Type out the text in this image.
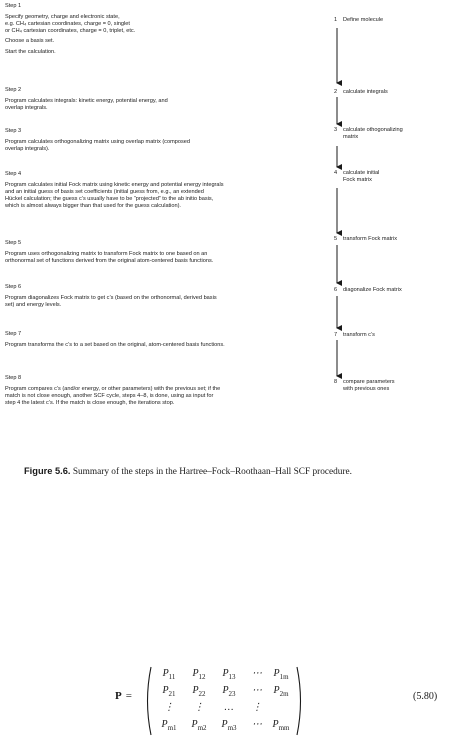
Step 1
Specify geometry, charge and electronic state,
e.g. CH₄ cartesian coordinates, charge = 0, singlet
or CH₄ cartesian coordinates, charge = 0, triplet, etc.
Choose a basis set.
Start the calculation.
Step 2
Program calculates integrals: kinetic energy, potential energy, and
overlap integrals.
Step 3
Program calculates orthogonalizing matrix using overlap matrix (composed
overlap integrals).
Step 4
Program calculates initial Fock matrix using kinetic energy and potential energy integrals
and an initial guess of basis set coefficients (initial guess from, e.g., an extended
Hückel calculation; the guess c’s usually have to be “projected” to the ab initio basis,
which is almost always bigger than that used for the guess calculation).
Step 5
Program uses orthogonalizing matrix to transform Fock matrix to one based on an
orthonormal set of functions derived from the original atom-centered basis functions.
Step 6
Program diagonalizes Fock matrix to get c’s (based on the orthonormal, derived basis
set) and energy levels.
Step 7
Program transforms the c’s to a set based on the original, atom-centered basis functions.
Step 8
Program compares c’s (and/or energy, or other parameters) with the previous set; if the
match is not close enough, another SCF cycle, steps 4–8, is done, using as input for
step 4 the latest c’s. If the match is close enough, the iterations stop.
1 Define molecule
2 calculate integrals
3 calculate othogonalizing
matrix
4 calculate initial
Fock matrix
5 transform Fock matrix
6 diagonalize Fock matrix
7 transform c’s
8 compare parameters
with previous ones
Figure 5.6. Summary of the steps in the Hartree–Fock–Roothaan–Hall SCF procedure.
P =
$P_{11}$	$P_{12}$	$P_{13}$	⋯	$P_{1m}$
$P_{21}$	$P_{22}$	$P_{23}$	⋯	$P_{2m}$
⋮	⋮	…	⋮
$P_{m1}$	$P_{m2}$	$P_{m3}$	⋯	$P_{mm}$
(5.80)
